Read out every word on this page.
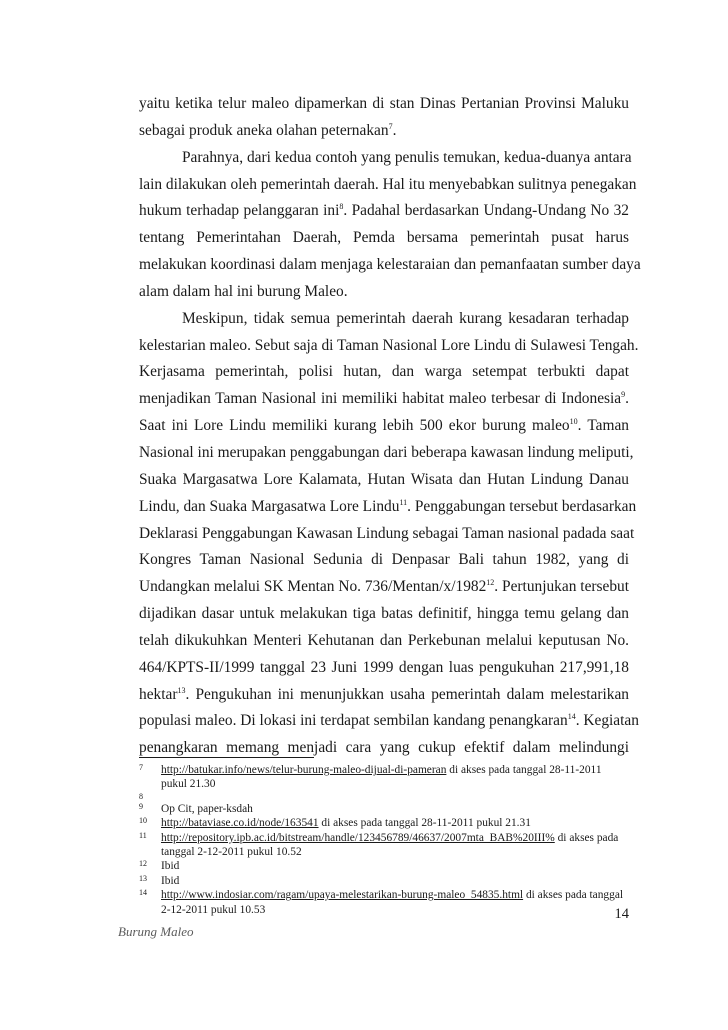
yaitu ketika telur maleo dipamerkan di stan Dinas Pertanian Provinsi Maluku
sebagai produk aneka olahan peternakan$^7$.
Parahnya, dari kedua contoh yang penulis temukan, kedua-duanya antara
lain dilakukan oleh pemerintah daerah. Hal itu menyebabkan sulitnya penegakan
hukum terhadap pelanggaran ini$^8$. Padahal berdasarkan Undang-Undang No 32
tentang Pemerintahan Daerah, Pemda bersama pemerintah pusat harus
melakukan koordinasi dalam menjaga kelestaraian dan pemanfaatan sumber daya
alam dalam hal ini burung Maleo.
Meskipun, tidak semua pemerintah daerah kurang kesadaran terhadap
kelestarian maleo. Sebut saja di Taman Nasional Lore Lindu di Sulawesi Tengah.
Kerjasama pemerintah, polisi hutan, dan warga setempat terbukti dapat
menjadikan Taman Nasional ini memiliki habitat maleo terbesar di Indonesia$^9$.
Saat ini Lore Lindu memiliki kurang lebih 500 ekor burung maleo$^{10}$. Taman
Nasional ini merupakan penggabungan dari beberapa kawasan lindung meliputi,
Suaka Margasatwa Lore Kalamata, Hutan Wisata dan Hutan Lindung Danau
Lindu, dan Suaka Margasatwa Lore Lindu$^{11}$. Penggabungan tersebut berdasarkan
Deklarasi Penggabungan Kawasan Lindung sebagai Taman nasional padada saat
Kongres Taman Nasional Sedunia di Denpasar Bali tahun 1982, yang di
Undangkan melalui SK Mentan No. 736/Mentan/x/1982$^{12}$. Pertunjukan tersebut
dijadikan dasar untuk melakukan tiga batas definitif, hingga temu gelang dan
telah dikukuhkan Menteri Kehutanan dan Perkebunan melalui keputusan No.
464/KPTS-II/1999 tanggal 23 Juni 1999 dengan luas pengukuhan 217,991,18
hektar$^{13}$. Pengukuhan ini menunjukkan usaha pemerintah dalam melestarikan
populasi maleo. Di lokasi ini terdapat sembilan kandang penangkaran$^{14}$. Kegiatan
penangkaran memang menjadi cara yang cukup efektif dalam melindungi
7	http://batukar.info/news/telur-burung-maleo-dijual-di-pameran di akses pada tanggal 28-11-2011 pukul 21.30
8
9	Op Cit, paper-ksdah
10	http://bataviase.co.id/node/163541 di akses pada tanggal 28-11-2011 pukul 21.31
11	http://repository.ipb.ac.id/bitstream/handle/123456789/46637/2007mta_BAB%20III% di akses pada tanggal 2-12-2011 pukul 10.52
12	Ibid
13	Ibid
14	http://www.indosiar.com/ragam/upaya-melestarikan-burung-maleo_54835.html di akses pada tanggal 2-12-2011 pukul 10.53	14
Burung Maleo
